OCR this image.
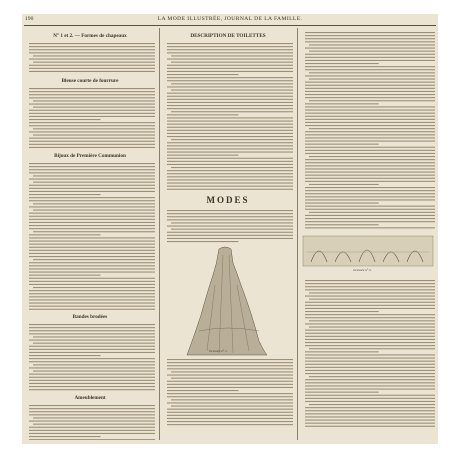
190	LA MODE ILLUSTRÉE, JOURNAL DE LA FAMILLE.
N° 1 et 2. — Formes de chapeaux
Bleuse courte de fourrure
Bijoux de Première Communion
Bandes brodées
Ameublement
DESCRIPTION DE TOILETTES
MODES
Gravure n° 1.
Gravure n° 2.
